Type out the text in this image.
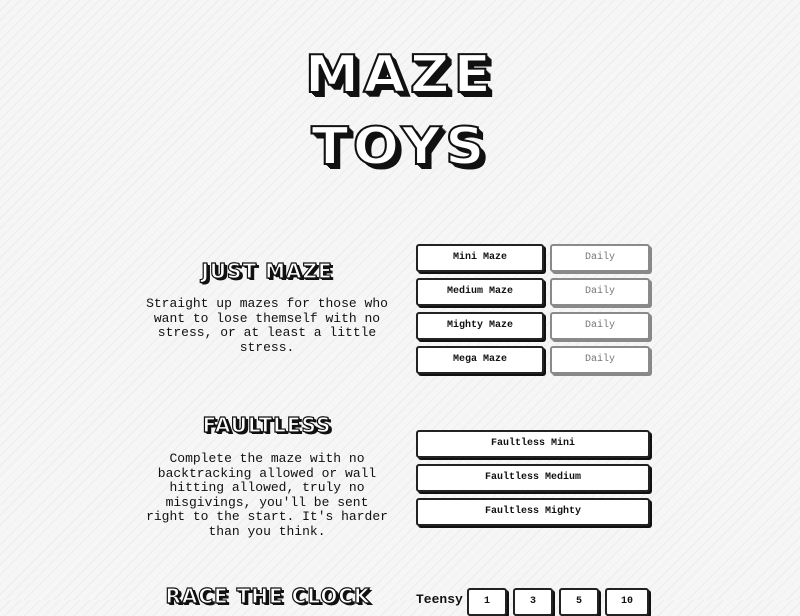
MAZE
TOYS
JUST MAZE
Straight up mazes for those who want to lose themself with no stress, or at least a little stress.
Mini Maze	Daily
Medium Maze	Daily
Mighty Maze	Daily
Mega Maze	Daily
FAULTLESS
Complete the maze with no backtracking allowed or wall hitting allowed, truly no misgivings, you'll be sent right to the start. It's harder than you think.
Faultless Mini
Faultless Medium
Faultless Mighty
RACE THE CLOCK	Teensy	1	3	5	10
